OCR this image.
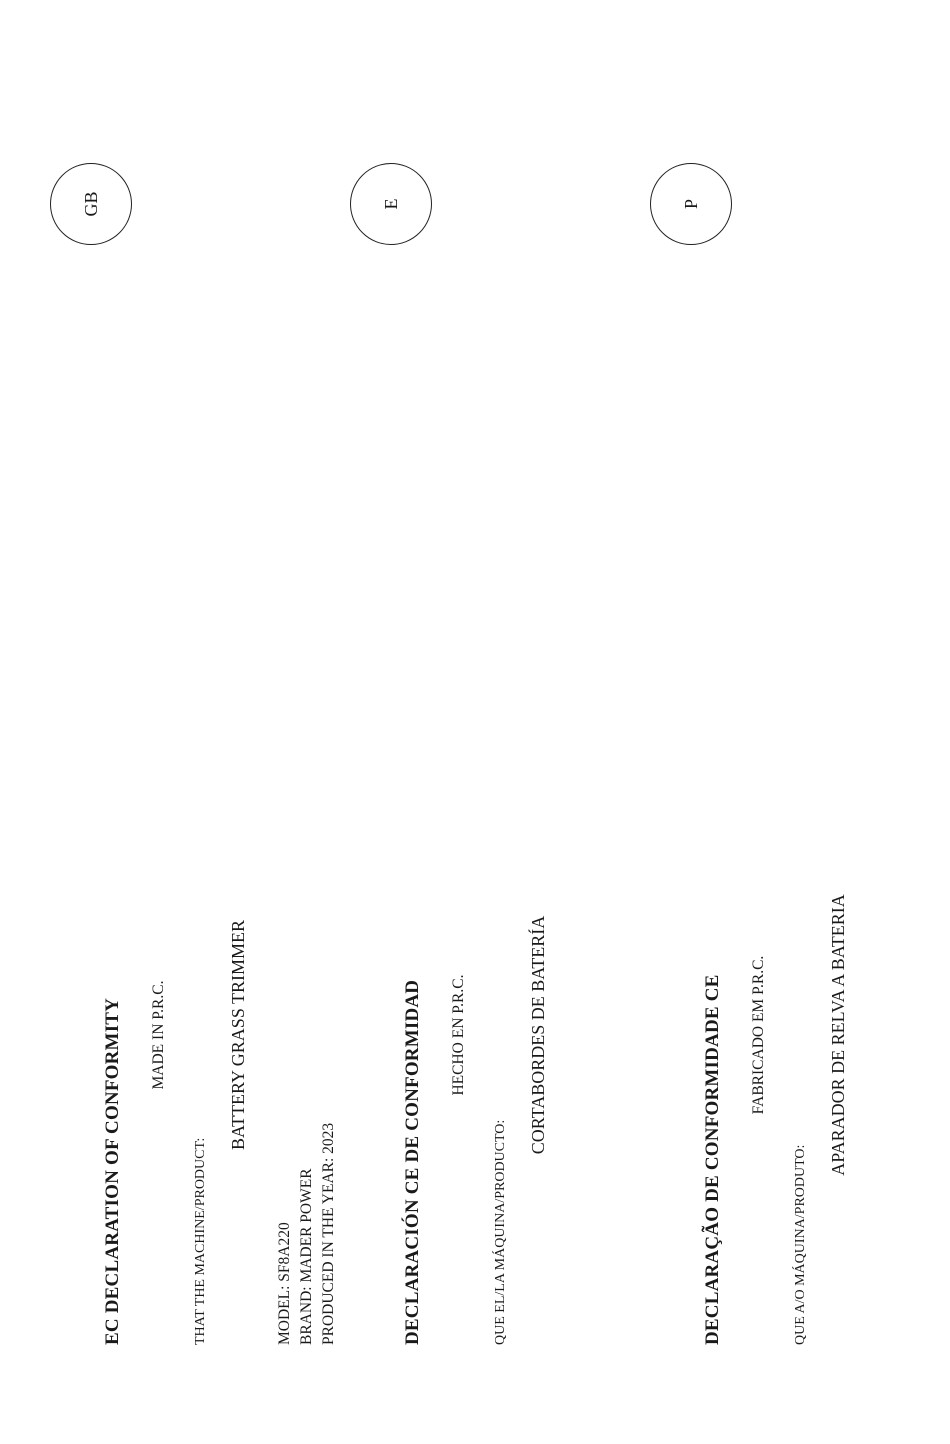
GB
EC DECLARATION OF CONFORMITY MADE IN P.R.C.
THAT THE MACHINE/PRODUCT:
BATTERY GRASS TRIMMER
E
DECLARACIÓN CE DE CONFORMIDAD HECHO EN P.R.C.
QUE EL/LA MÁQUINA/PRODUCTO:
CORTABORDES DE BATERÍA
P
DECLARAÇÃO DE CONFORMIDADE CE FABRICADO EM P.R.C.
QUE A/O MÁQUINA/PRODUTO:
APARADOR DE RELVA A BATERIA
MODEL: SF8A220 BRAND: MADER POWER PRODUCED IN THE YEAR: 2023
